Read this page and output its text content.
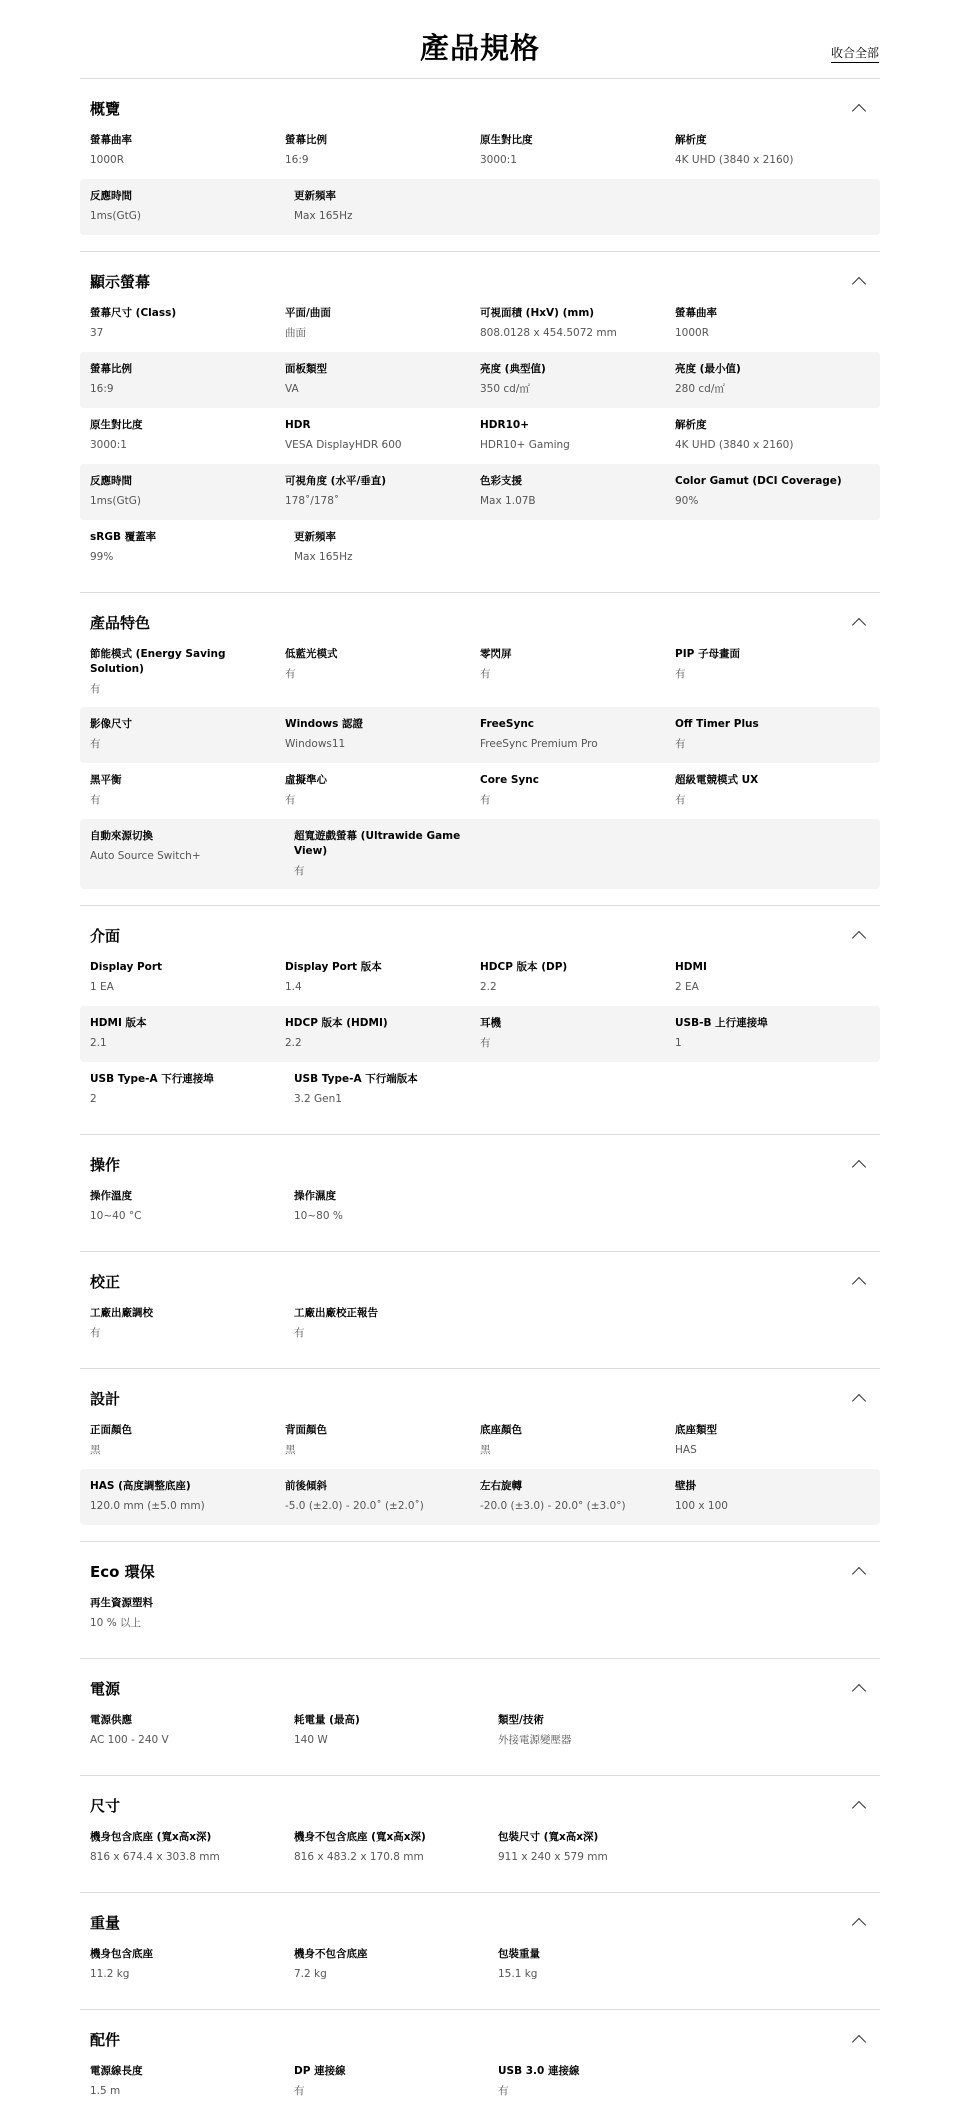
產品規格	收合全部
概覽
螢幕曲率
1000R
螢幕比例
16:9
原生對比度
3000:1
解析度
4K UHD (3840 x 2160)
反應時間
1ms(GtG)
更新頻率
Max 165Hz
顯示螢幕
螢幕尺寸 (Class)
37
平面/曲面
曲面
可視面積 (HxV) (mm)
808.0128 x 454.5072 mm
螢幕曲率
1000R
螢幕比例
16:9
面板類型
VA
亮度 (典型值)
350 cd/㎡
亮度 (最小值)
280 cd/㎡
原生對比度
3000:1
HDR
VESA DisplayHDR 600
HDR10+
HDR10+ Gaming
解析度
4K UHD (3840 x 2160)
反應時間
1ms(GtG)
可視角度 (水平/垂直)
178˚/178˚
色彩支援
Max 1.07B
Color Gamut (DCI Coverage)
90%
sRGB 覆蓋率
99%
更新頻率
Max 165Hz
產品特色
節能模式 (Energy Saving Solution)
有
低藍光模式
有
零閃屏
有
PIP 子母畫面
有
影像尺寸
有
Windows 認證
Windows11
FreeSync
FreeSync Premium Pro
Off Timer Plus
有
黑平衡
有
虛擬準心
有
Core Sync
有
超級電競模式 UX
有
自動來源切換
Auto Source Switch+
超寬遊戲螢幕 (Ultrawide Game View)
有
介面
Display Port
1 EA
Display Port 版本
1.4
HDCP 版本 (DP)
2.2
HDMI
2 EA
HDMI 版本
2.1
HDCP 版本 (HDMI)
2.2
耳機
有
USB-B 上行連接埠
1
USB Type-A 下行連接埠
2
USB Type-A 下行端版本
3.2 Gen1
操作
操作溫度
10~40 °C
操作濕度
10~80 %
校正
工廠出廠調校
有
工廠出廠校正報告
有
設計
正面顏色
黑
背面顏色
黑
底座顏色
黑
底座類型
HAS
HAS (高度調整底座)
120.0 mm (±5.0 mm)
前後傾斜
-5.0 (±2.0) - 20.0˚ (±2.0˚)
左右旋轉
-20.0 (±3.0) - 20.0° (±3.0°)
壁掛
100 x 100
Eco 環保
再生資源塑料
10 % 以上
電源
電源供應
AC 100 - 240 V
耗電量 (最高)
140 W
類型/技術
外接電源變壓器
尺寸
機身包含底座 (寬x高x深)
816 x 674.4 x 303.8 mm
機身不包含底座 (寬x高x深)
816 x 483.2 x 170.8 mm
包裝尺寸 (寬x高x深)
911 x 240 x 579 mm
重量
機身包含底座
11.2 kg
機身不包含底座
7.2 kg
包裝重量
15.1 kg
配件
電源線長度
1.5 m
DP 連接線
有
USB 3.0 連接線
有
